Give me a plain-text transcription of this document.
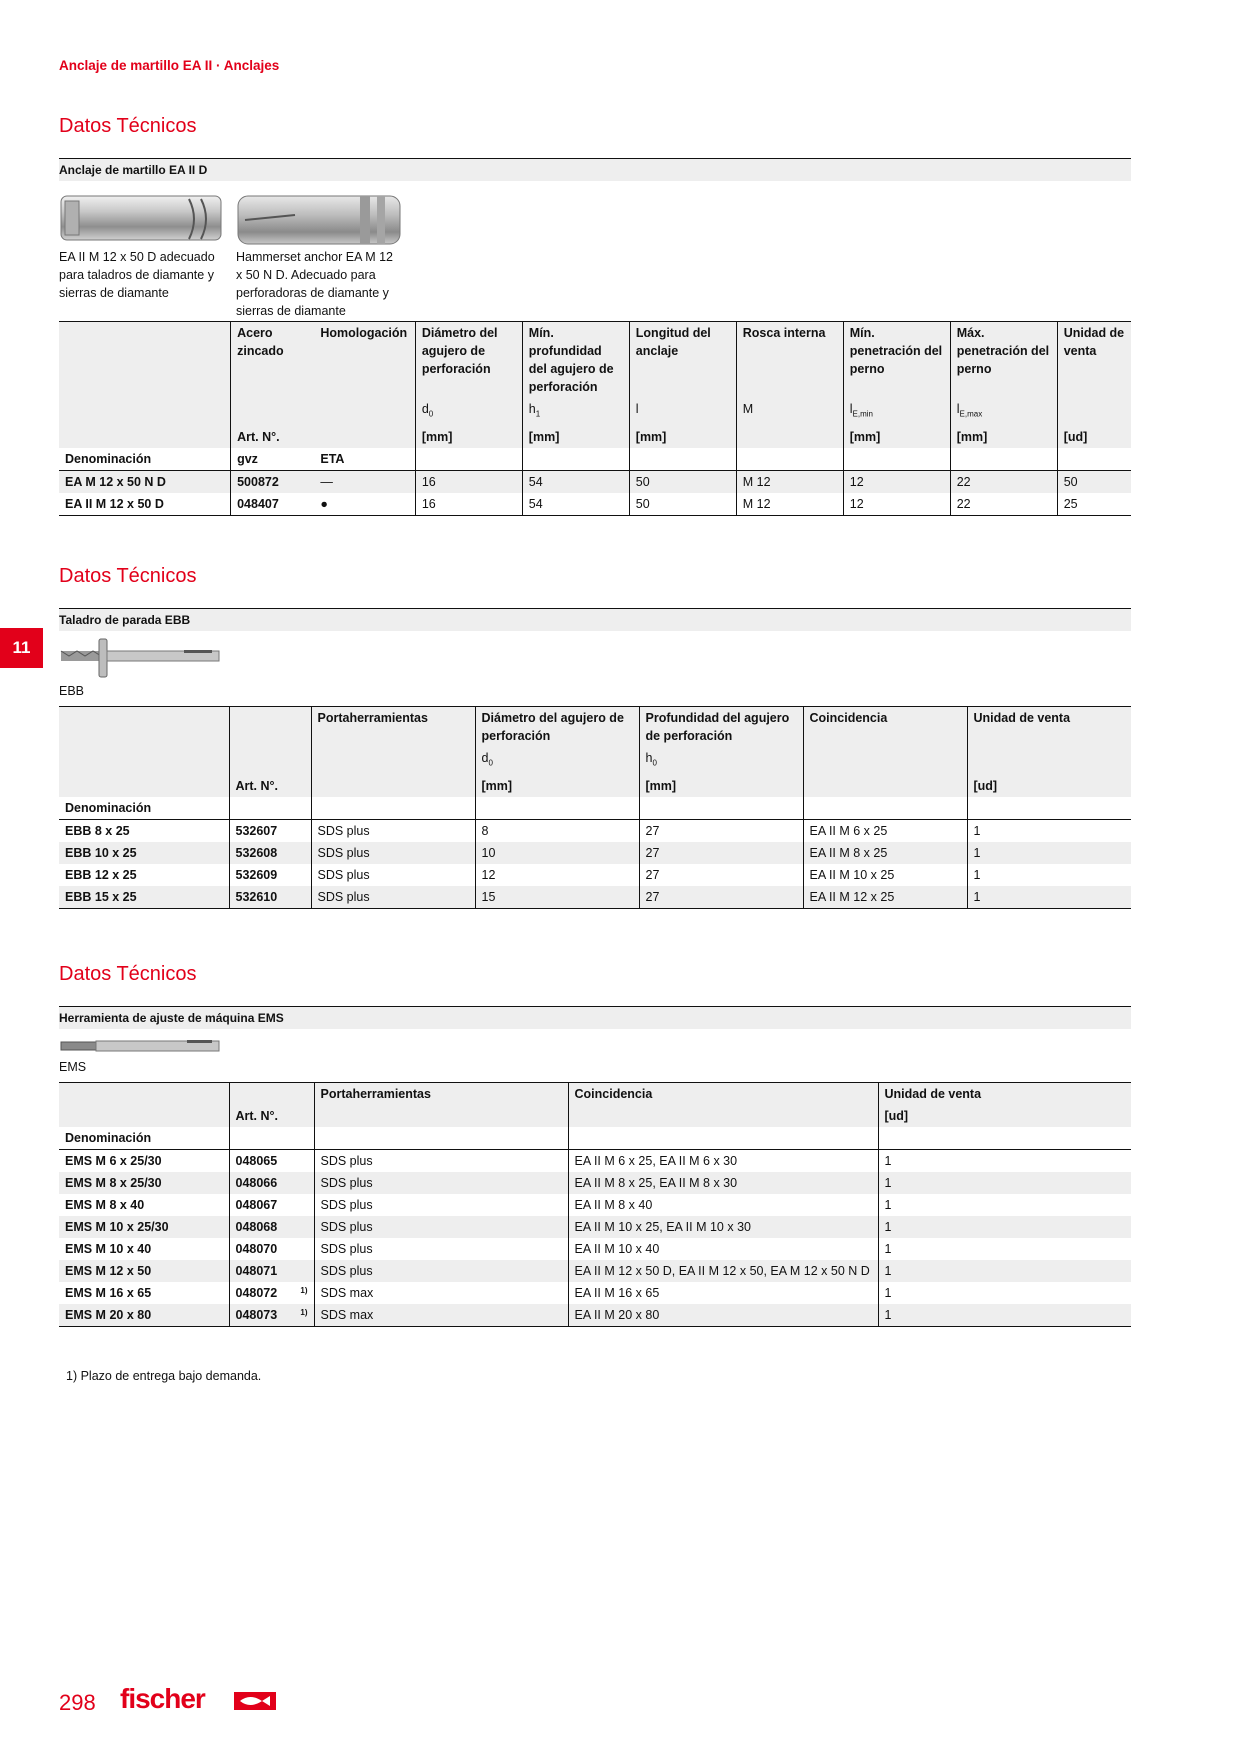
Anclaje de martillo EA II · Anclajes
11
Datos Técnicos
Anclaje de martillo EA II D
EA II M 12 x 50 D adecuado para taladros de diamante y sierras de diamante
Hammerset anchor EA M 12 x 50 N D. Adecuado para perforadoras de diamante y sierras de diamante
	Acero zincado	Homologación	Diámetro del agujero de perforación	Mín. profundidad del agujero de perforación	Longitud del anclaje	Rosca interna	Mín. penetración del perno	Máx. penetración del perno	Unidad de venta
			$d_0$	$h_1$	l	M	$l_{E,min}$	$l_{E,max}$	
	Art. N°.		[mm]	[mm]	[mm]		[mm]	[mm]	[ud]
Denominación	gvz	ETA							
EA M 12 x 50 N D	500872	—	16	54	50	M 12	12	22	50
EA II M 12 x 50 D	048407	●	16	54	50	M 12	12	22	25
Datos Técnicos
Taladro de parada EBB
EBB
		Portaherramientas	Diámetro del agujero de perforación	Profundidad del agujero de perforación	Coincidencia	Unidad de venta
			$d_0$	$h_0$		
	Art. N°.		[mm]	[mm]		[ud]
Denominación						
EBB 8 x 25	532607	SDS plus	8	27	EA II M 6 x 25	1
EBB 10 x 25	532608	SDS plus	10	27	EA II M 8 x 25	1
EBB 12 x 25	532609	SDS plus	12	27	EA II M 10 x 25	1
EBB 15 x 25	532610	SDS plus	15	27	EA II M 12 x 25	1
Datos Técnicos
Herramienta de ajuste de máquina EMS
EMS
		Portaherramientas	Coincidencia	Unidad de venta
	Art. N°.			[ud]
Denominación				
EMS M 6 x 25/30	048065	SDS plus	EA II M 6 x 25, EA II M 6 x 30	1
EMS M 8 x 25/30	048066	SDS plus	EA II M 8 x 25, EA II M 8 x 30	1
EMS M 8 x 40	048067	SDS plus	EA II M 8 x 40	1
EMS M 10 x 25/30	048068	SDS plus	EA II M 10 x 25, EA II M 10 x 30	1
EMS M 10 x 40	048070	SDS plus	EA II M 10 x 40	1
EMS M 12 x 50	048071	SDS plus	EA II M 12 x 50 D, EA II M 12 x 50, EA M 12 x 50 N D	1
EMS M 16 x 65	048072 1)	SDS max	EA II M 16 x 65	1
EMS M 20 x 80	048073 1)	SDS max	EA II M 20 x 80	1
1) Plazo de entrega bajo demanda.
298 fischer
